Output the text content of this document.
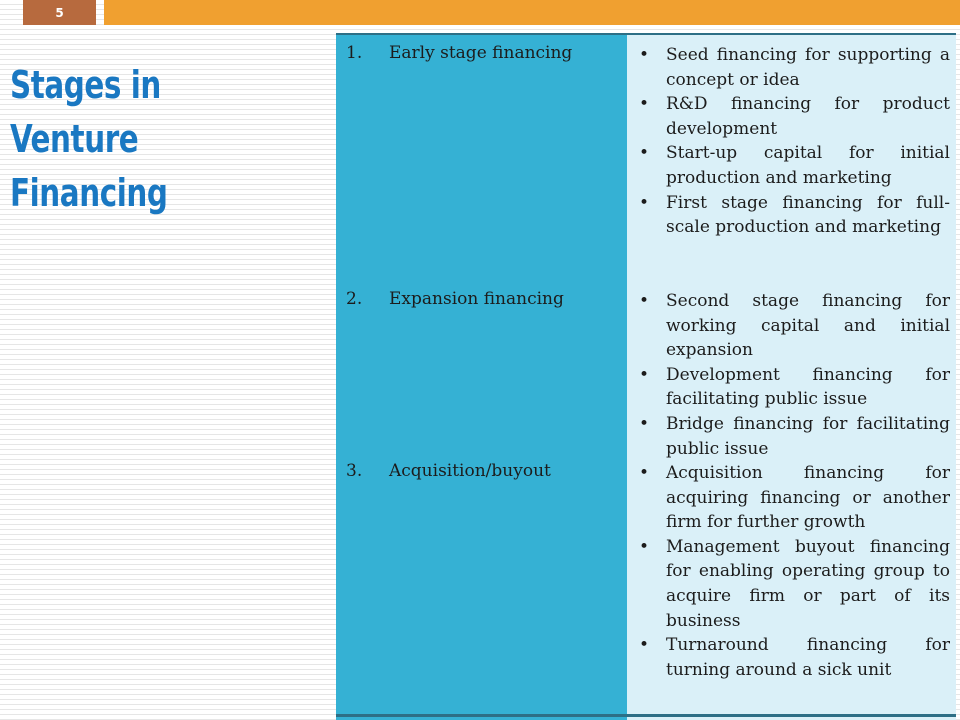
5
Stages in Venture Financing
1. Early stage financing	• Seed financing for supporting a concept or idea
• R&D financing for product development
• Start-up capital for initial production and marketing
• First stage financing for full-scale production and marketing
2. Expansion financing	• Second stage financing for working capital and initial expansion
• Development financing for facilitating public issue
• Bridge financing for facilitating public issue
3. Acquisition/buyout	• Acquisition financing for acquiring financing or another firm for further growth
• Management buyout financing for enabling operating group to acquire firm or part of its business
• Turnaround financing for turning around a sick unit
